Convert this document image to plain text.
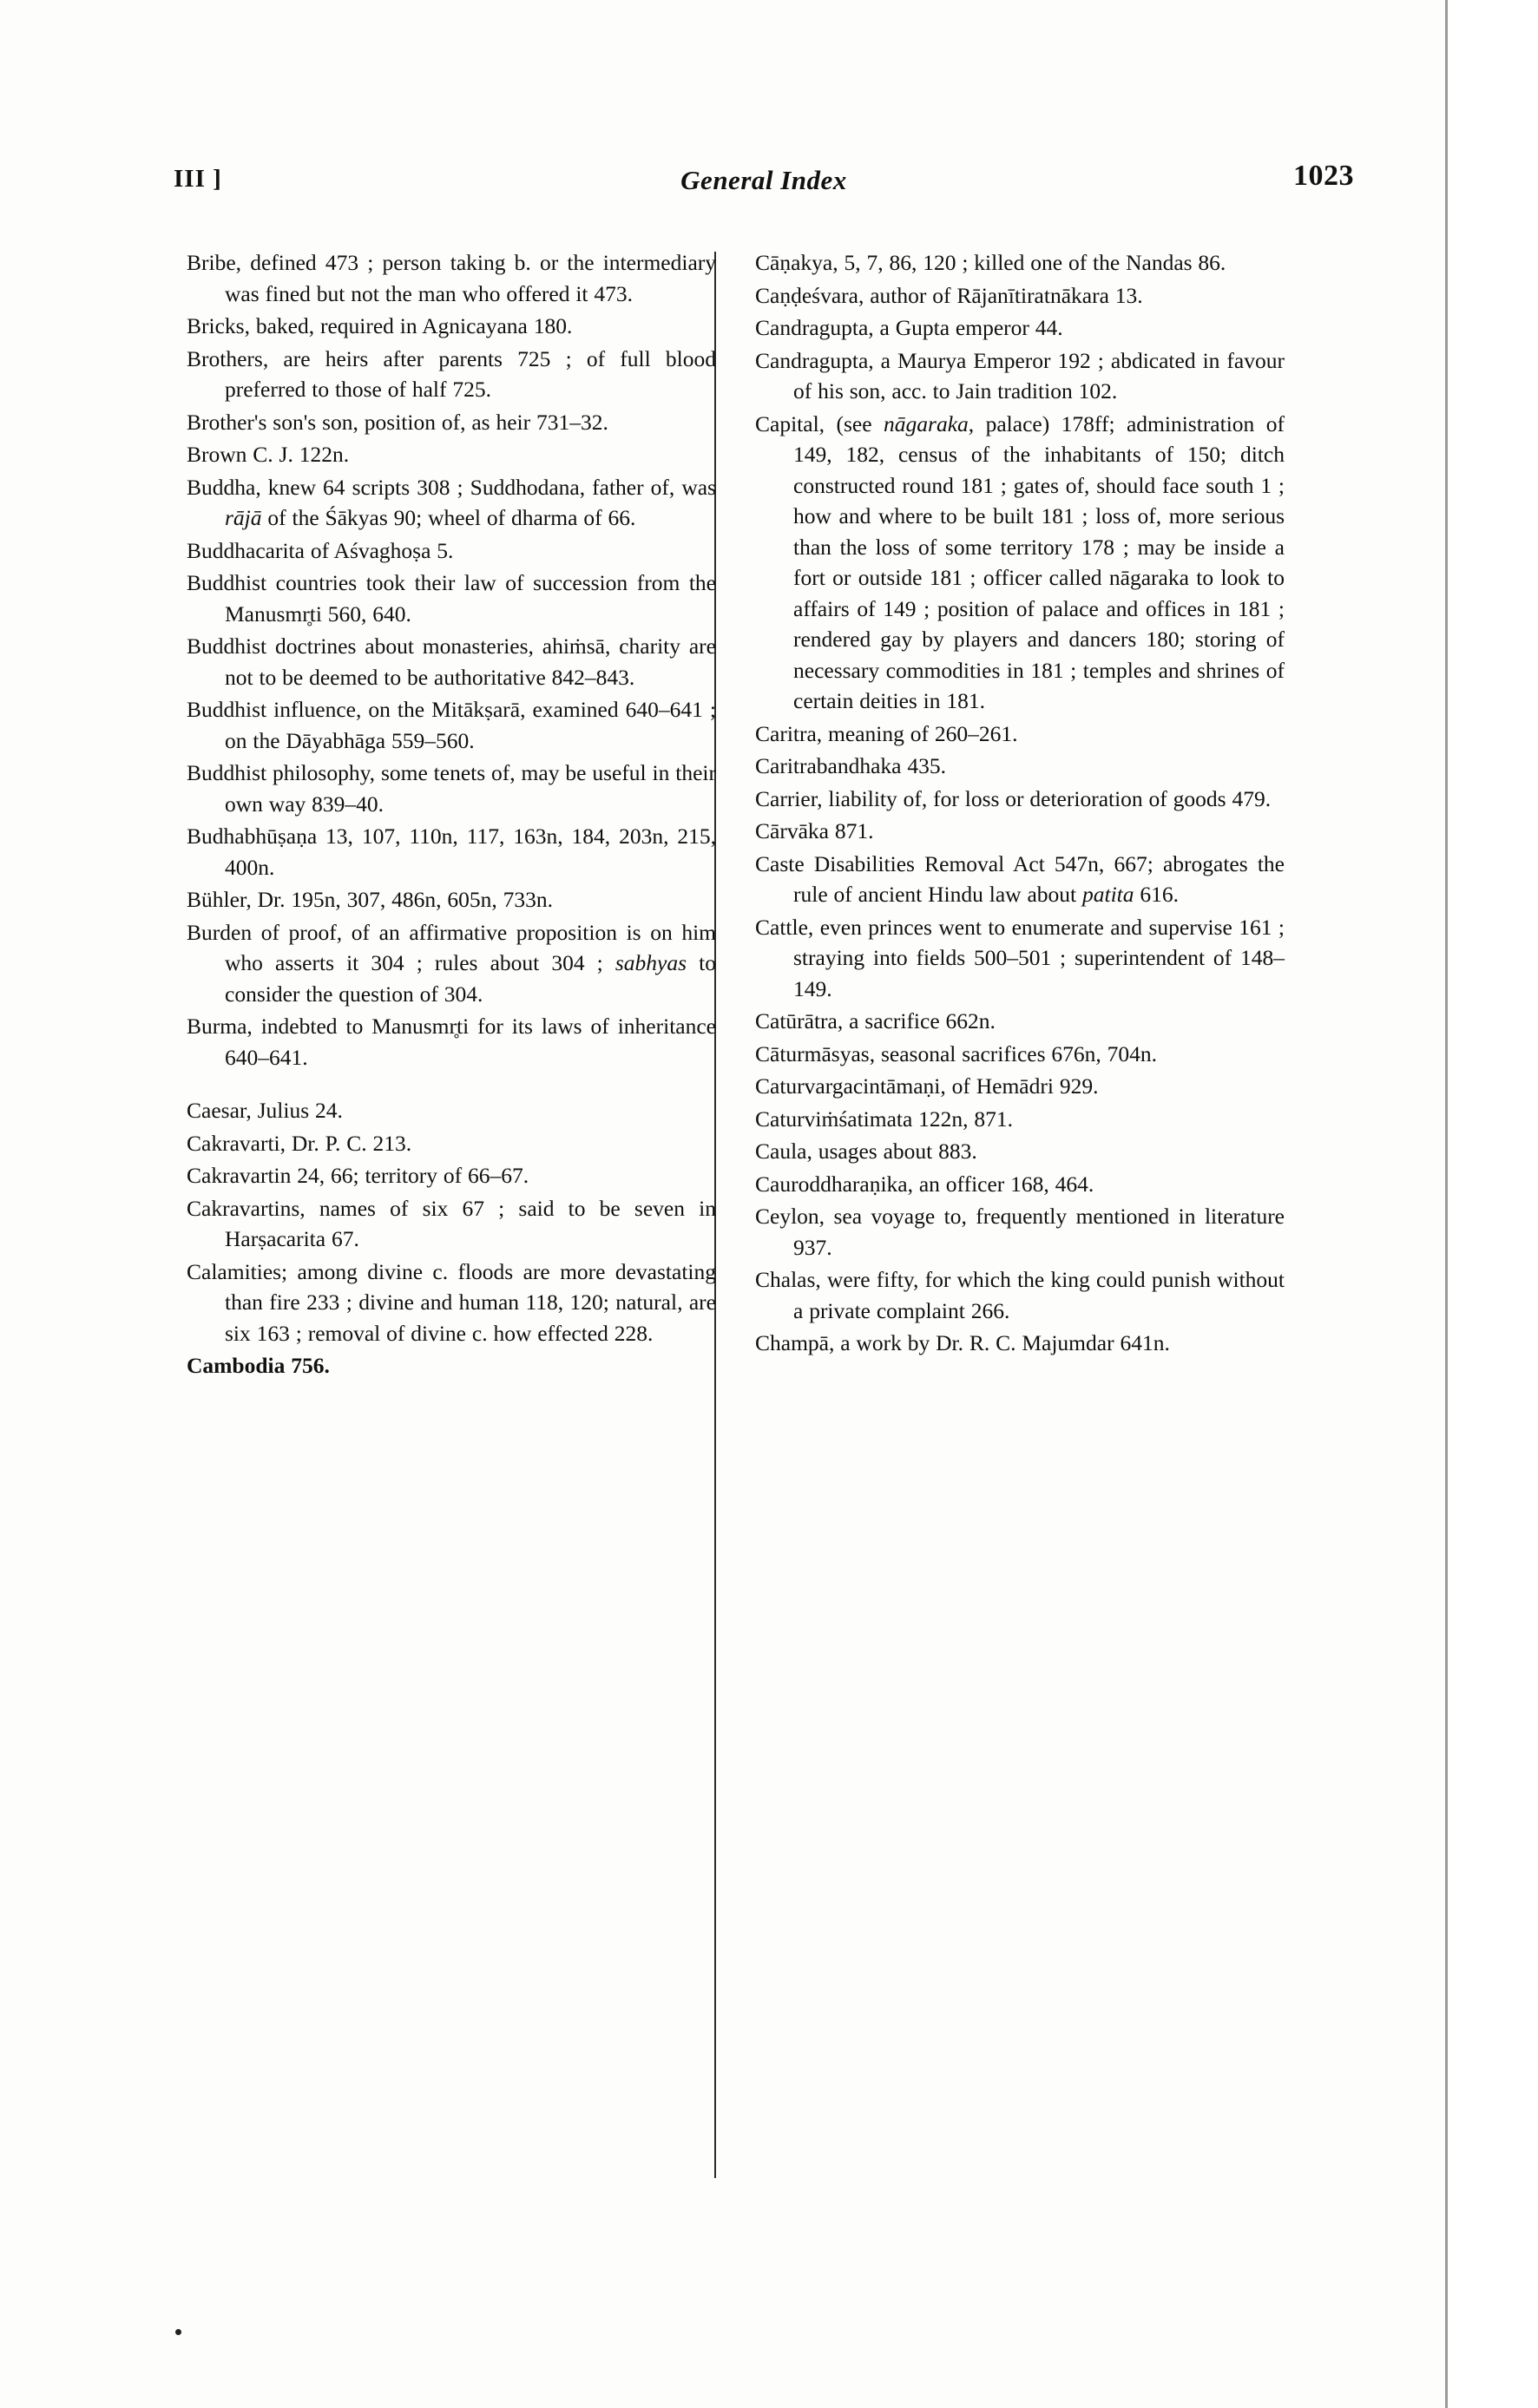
III ]	General Index	1023
Bribe, defined 473 ; person taking b. or the intermediary was fined but not the man who offered it 473.
Bricks, baked, required in Agnicayana 180.
Brothers, are heirs after parents 725 ; of full blood preferred to those of half 725.
Brother's son's son, position of, as heir 731–32.
Brown C. J. 122n.
Buddha, knew 64 scripts 308 ; Suddhodana, father of, was rājā of the Śākyas 90; wheel of dharma of 66.
Buddhacarita of Aśvaghoṣa 5.
Buddhist countries took their law of succession from the Manusmr̥ti 560, 640.
Buddhist doctrines about monasteries, ahiṁsā, charity are not to be deemed to be authoritative 842–843.
Buddhist influence, on the Mitākṣarā, examined 640–641 ; on the Dāyabhāga 559–560.
Buddhist philosophy, some tenets of, may be useful in their own way 839–40.
Budhabhūṣaṇa 13, 107, 110n, 117, 163n, 184, 203n, 215, 400n.
Bühler, Dr. 195n, 307, 486n, 605n, 733n.
Burden of proof, of an affirmative proposition is on him who asserts it 304 ; rules about 304 ; sabhyas to consider the question of 304.
Burma, indebted to Manusmr̥ti for its laws of inheritance 640–641.
Caesar, Julius 24.
Cakravarti, Dr. P. C. 213.
Cakravartin 24, 66; territory of 66–67.
Cakravartins, names of six 67 ; said to be seven in Harṣacarita 67.
Calamities; among divine c. floods are more devastating than fire 233 ; divine and human 118, 120; natural, are six 163 ; removal of divine c. how effected 228.
Cambodia 756.
Cāṇakya, 5, 7, 86, 120 ; killed one of the Nandas 86.
Caṇḍeśvara, author of Rājanītiratnākara 13.
Candragupta, a Gupta emperor 44.
Candragupta, a Maurya Emperor 192 ; abdicated in favour of his son, acc. to Jain tradition 102.
Capital, (see nāgaraka, palace) 178ff; administration of 149, 182, census of the inhabitants of 150; ditch constructed round 181 ; gates of, should face south 1 ; how and where to be built 181 ; loss of, more serious than the loss of some territory 178 ; may be inside a fort or outside 181 ; officer called nāgaraka to look to affairs of 149 ; position of palace and offices in 181 ; rendered gay by players and dancers 180; storing of necessary commodities in 181 ; temples and shrines of certain deities in 181.
Caritra, meaning of 260–261.
Caritrabandhaka 435.
Carrier, liability of, for loss or deterioration of goods 479.
Cārvāka 871.
Caste Disabilities Removal Act 547n, 667; abrogates the rule of ancient Hindu law about patita 616.
Cattle, even princes went to enumerate and supervise 161 ; straying into fields 500–501 ; superintendent of 148–149.
Catūrātra, a sacrifice 662n.
Cāturmāsyas, seasonal sacrifices 676n, 704n.
Caturvargacintāmaṇi, of Hemādri 929.
Caturviṁśatimata 122n, 871.
Caula, usages about 883.
Cauroddharaṇika, an officer 168, 464.
Ceylon, sea voyage to, frequently mentioned in literature 937.
Chalas, were fifty, for which the king could punish without a private complaint 266.
Champā, a work by Dr. R. C. Majumdar 641n.
